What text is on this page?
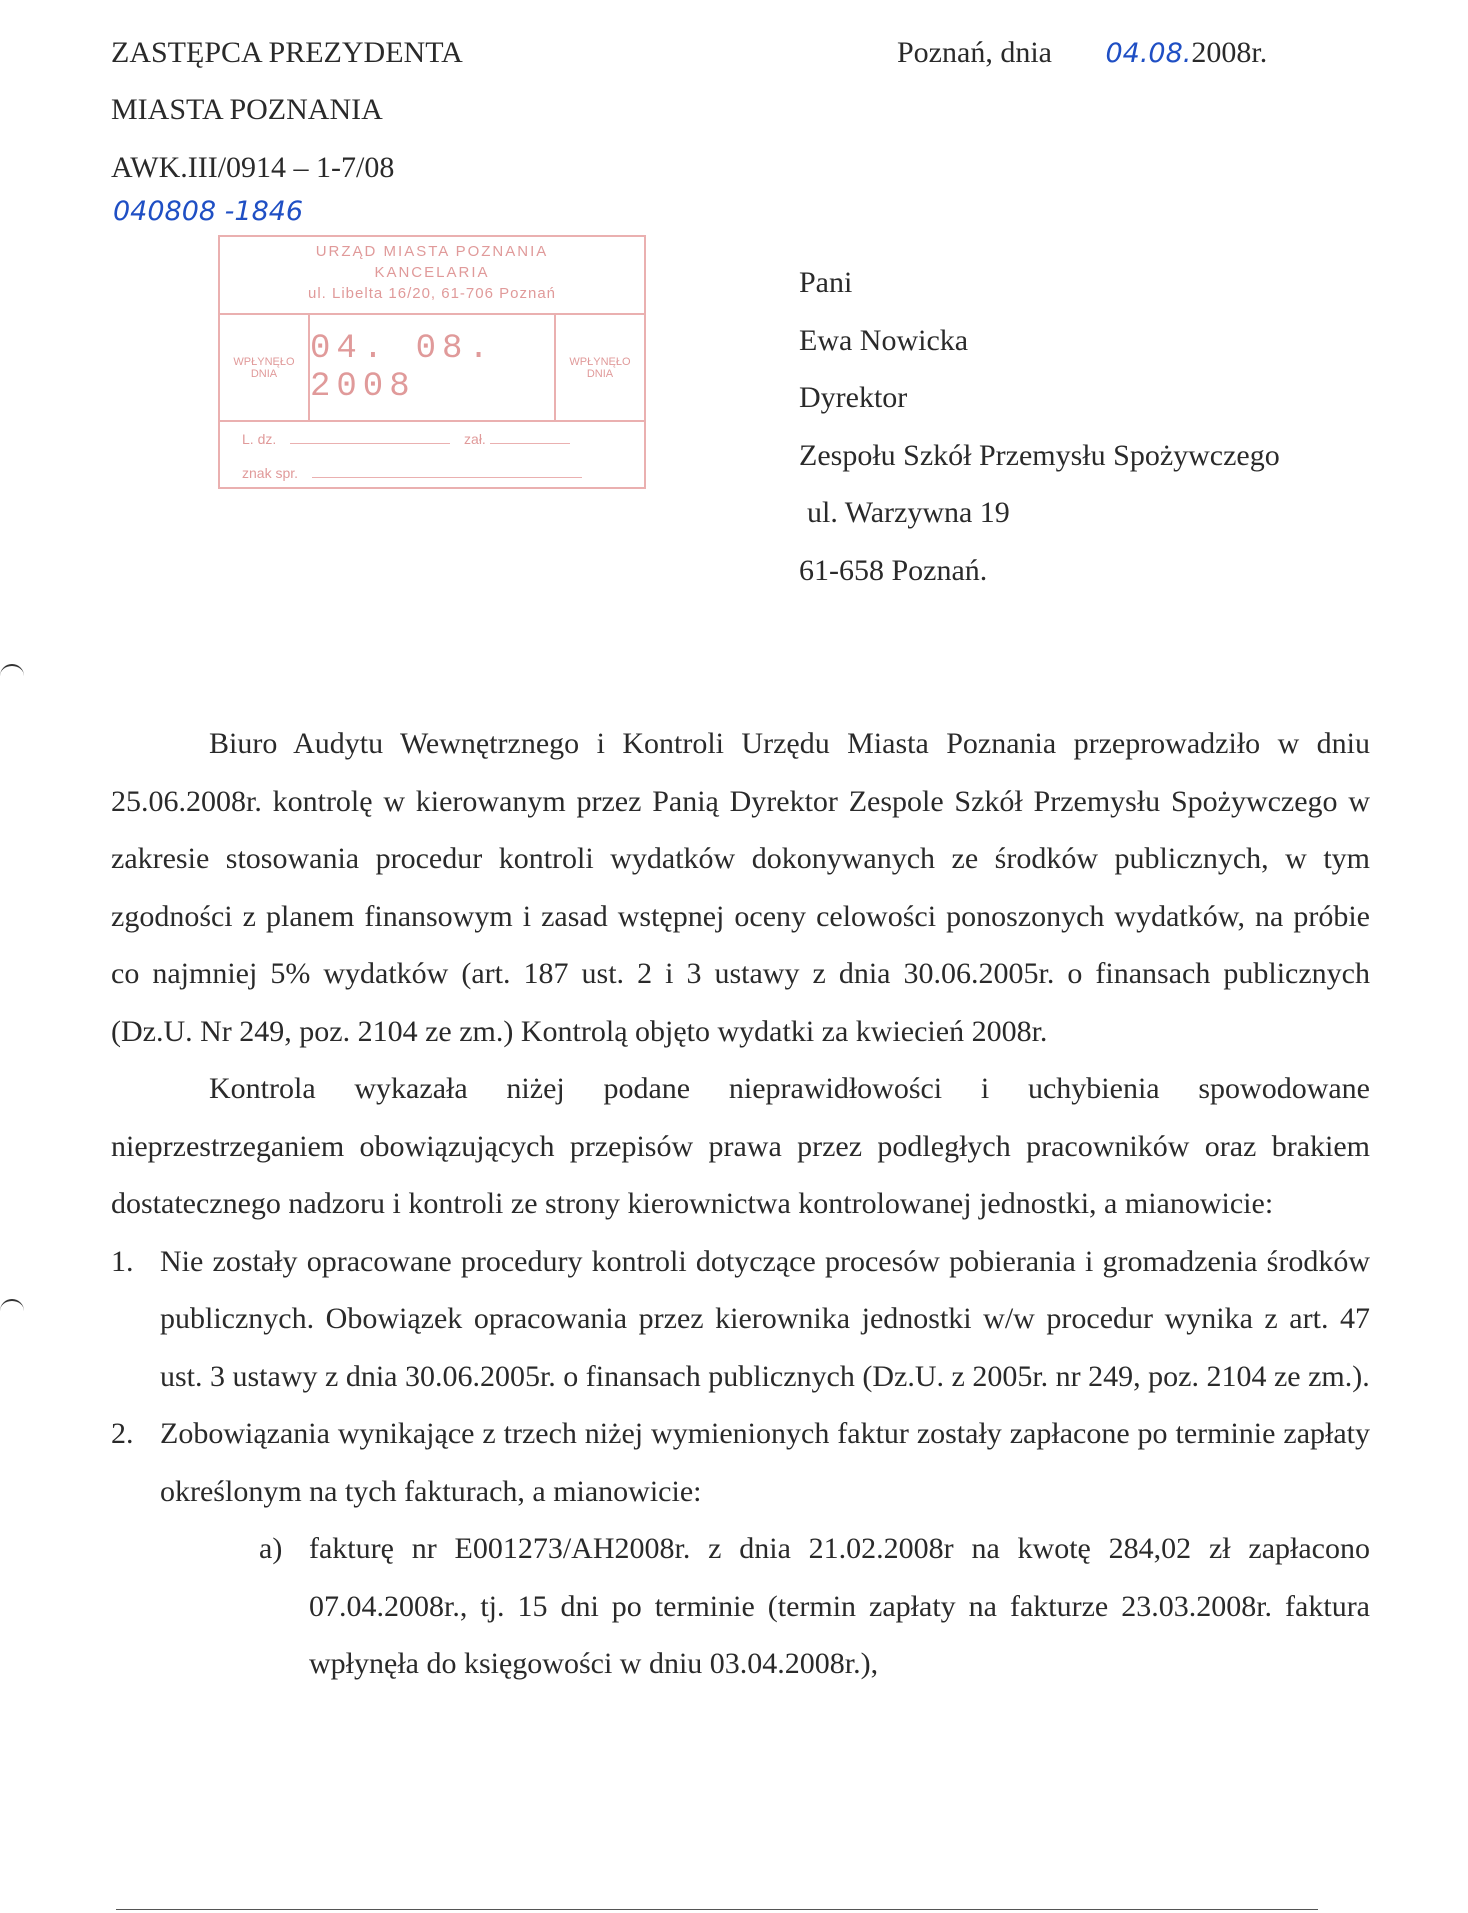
ZASTĘPCA PREZYDENTA
MIASTA POZNANIA
AWK.III/0914 – 1-7/08
040808 -1846
Poznań, dnia 04.08.2008r.
URZĄD MIASTA POZNANIA
KANCELARIA
ul. Libelta 16/20, 61-706 Poznań
WPŁYNĘŁO DNIA
04. 08. 2008
WPŁYNĘŁO DNIA
L. dz.	zał.
znak spr.
Pani
Ewa Nowicka
Dyrektor
Zespołu Szkół Przemysłu Spożywczego
ul. Warzywna 19
61-658 Poznań.

Biuro Audytu Wewnętrznego i Kontroli Urzędu Miasta Poznania przeprowadziło w dniu 25.06.2008r. kontrolę w kierowanym przez Panią Dyrektor Zespole Szkół Przemysłu Spożywczego w zakresie stosowania procedur kontroli wydatków dokonywanych ze środków publicznych, w tym zgodności z planem finansowym i zasad wstępnej oceny celowości ponoszonych wydatków, na próbie co najmniej 5% wydatków (art. 187 ust. 2 i 3 ustawy z dnia 30.06.2005r. o finansach publicznych (Dz.U. Nr 249, poz. 2104 ze zm.) Kontrolą objęto wydatki za kwiecień 2008r.

Kontrola wykazała niżej podane nieprawidłowości i uchybienia spowodowane nieprzestrzeganiem obowiązujących przepisów prawa przez podległych pracowników oraz brakiem dostatecznego nadzoru i kontroli ze strony kierownictwa kontrolowanej jednostki, a mianowicie:

1. Nie zostały opracowane procedury kontroli dotyczące procesów pobierania i gromadzenia środków publicznych. Obowiązek opracowania przez kierownika jednostki w/w procedur wynika z art. 47 ust. 3 ustawy z dnia 30.06.2005r. o finansach publicznych (Dz.U. z 2005r. nr 249, poz. 2104 ze zm.).
2. Zobowiązania wynikające z trzech niżej wymienionych faktur zostały zapłacone po terminie zapłaty określonym na tych fakturach, a mianowicie:
a) fakturę nr E001273/AH2008r. z dnia 21.02.2008r na kwotę 284,02 zł zapłacono 07.04.2008r., tj. 15 dni po terminie (termin zapłaty na fakturze 23.03.2008r. faktura wpłynęła do księgowości w dniu 03.04.2008r.),
